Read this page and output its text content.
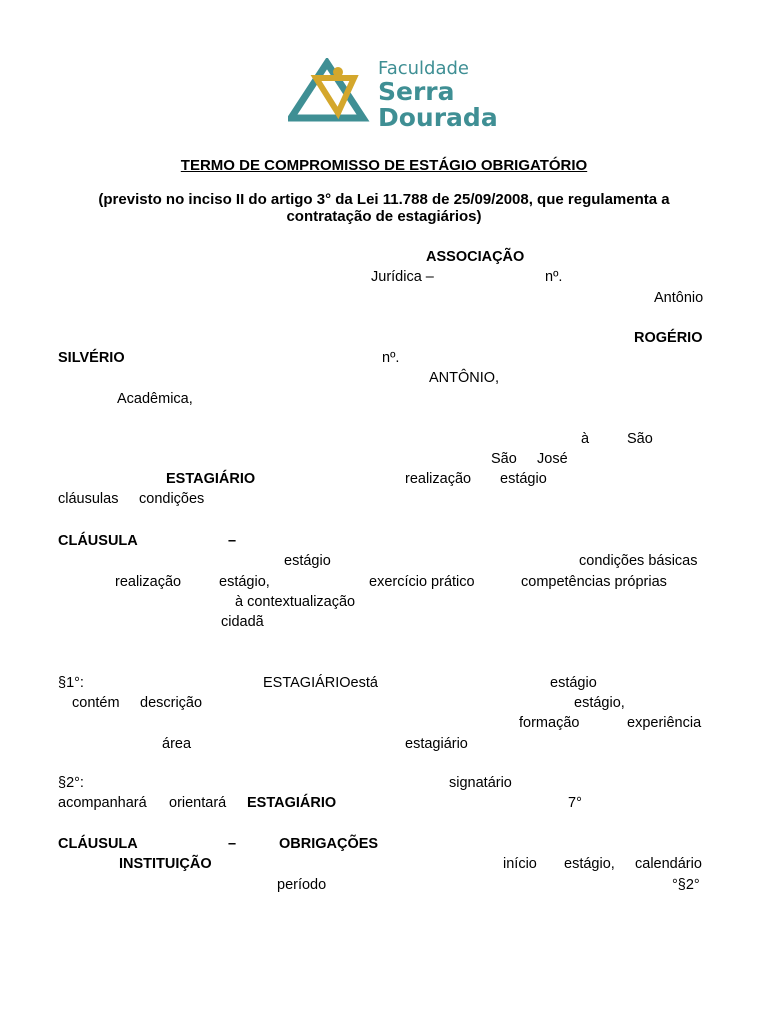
Faculdade
Serra
Dourada
TERMO DE COMPROMISSO DE ESTÁGIO OBRIGATÓRIO
(previsto no inciso II do artigo 3° da Lei 11.788 de 25/09/2008, que regulamenta a
contratação de estagiários)
ASSOCIAÇÃO
Jurídica –	nº.
Antônio
ROGÉRIO
SILVÉRIO	nº.
ANTÔNIO,
Acadêmica,
à	São
São José
ESTAGIÁRIO	realização estágio
cláusulas condições
CLÁUSULA	–
estágio	condições básicas
realização	estágio,	exercício prático	competências próprias
à contextualização
cidadã
§1°:	ESTAGIÁRIOestá	estágio
contém descrição	estágio,
formação	experiência
área	estagiário
§2°:	signatário
acompanhará orientará ESTAGIÁRIO	7°
CLÁUSULA	–	OBRIGAÇÕES
INSTITUIÇÃO	início estágio, calendário
período	°§2°
